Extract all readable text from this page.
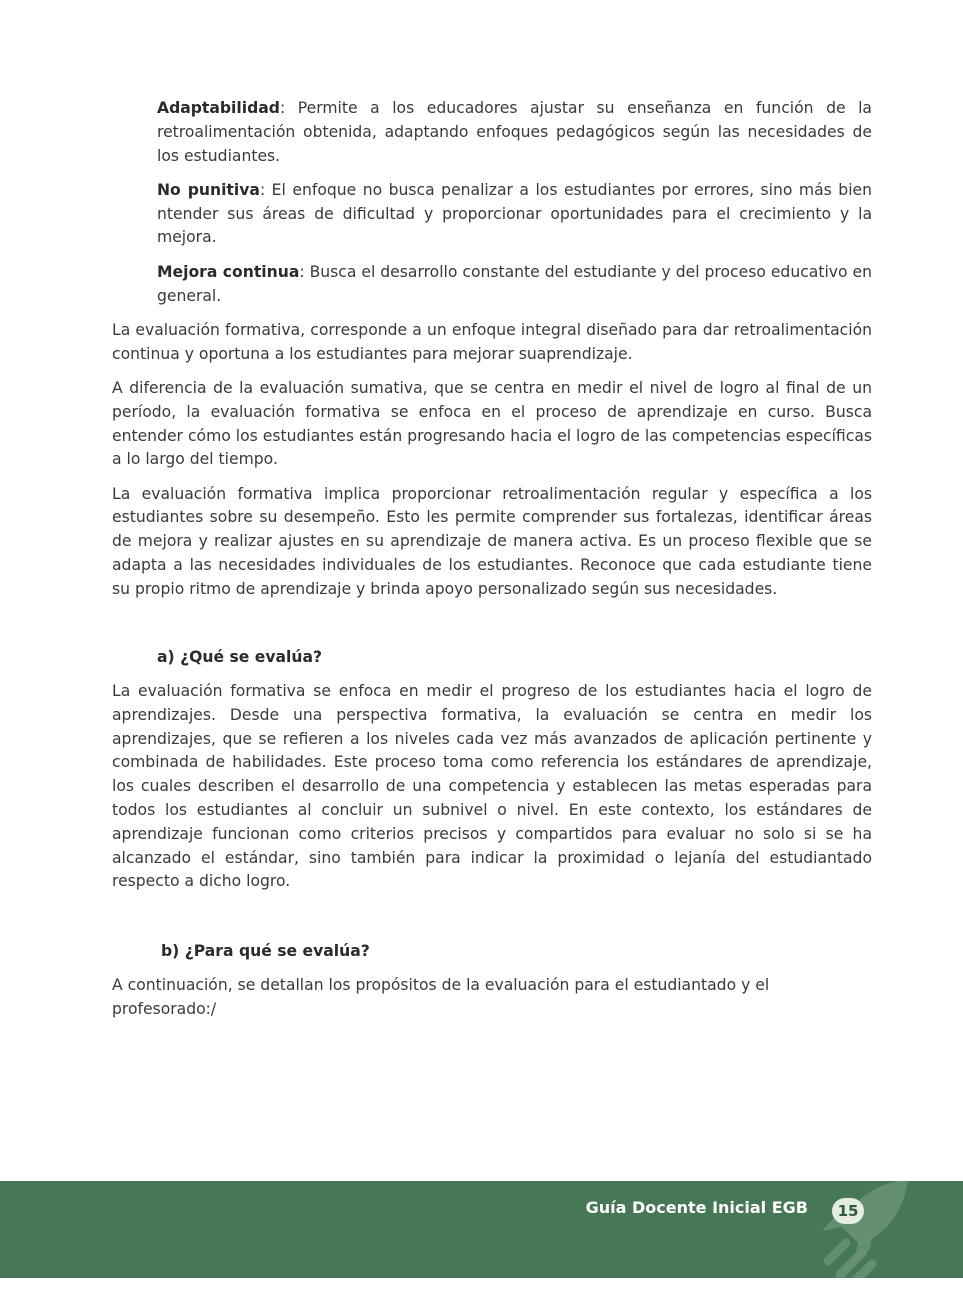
Adaptabilidad: Permite a los educadores ajustar su enseñanza en función de la retroalimentación obtenida, adaptando enfoques pedagógicos según las necesidades de los estudiantes.

No punitiva: El enfoque no busca penalizar a los estudiantes por errores, sino más bien ntender sus áreas de dificultad y proporcionar oportunidades para el crecimiento y la mejora.

Mejora continua: Busca el desarrollo constante del estudiante y del proceso educativo en general.

La evaluación formativa, corresponde a un enfoque integral diseñado para dar retroalimentación continua y oportuna a los estudiantes para mejorar suaprendizaje.

A diferencia de la evaluación sumativa, que se centra en medir el nivel de logro al final de un período, la evaluación formativa se enfoca en el proceso de aprendizaje en curso. Busca entender cómo los estudiantes están progresando hacia el logro de las competencias específicas a lo largo del tiempo.

La evaluación formativa implica proporcionar retroalimentación regular y específica a los estudiantes sobre su desempeño. Esto les permite comprender sus fortalezas, identificar áreas de mejora y realizar ajustes en su aprendizaje de manera activa. Es un proceso flexible que se adapta a las necesidades individuales de los estudiantes. Reconoce que cada estudiante tiene su propio ritmo de aprendizaje y brinda apoyo personalizado según sus necesidades.

a) ¿Qué se evalúa?

La evaluación formativa se enfoca en medir el progreso de los estudiantes hacia el logro de aprendizajes. Desde una perspectiva formativa, la evaluación se centra en medir los aprendizajes, que se refieren a los niveles cada vez más avanzados de aplicación pertinente y combinada de habilidades. Este proceso toma como referencia los estándares de aprendizaje, los cuales describen el desarrollo de una competencia y establecen las metas esperadas para todos los estudiantes al concluir un subnivel o nivel. En este contexto, los estándares de aprendizaje funcionan como criterios precisos y compartidos para evaluar no solo si se ha alcanzado el estándar, sino también para indicar la proximidad o lejanía del estudiantado respecto a dicho logro.

b) ¿Para qué se evalúa?

A continuación, se detallan los propósitos de la evaluación para el estudiantado y el profesorado:/

Guía Docente Inicial EGB	15
